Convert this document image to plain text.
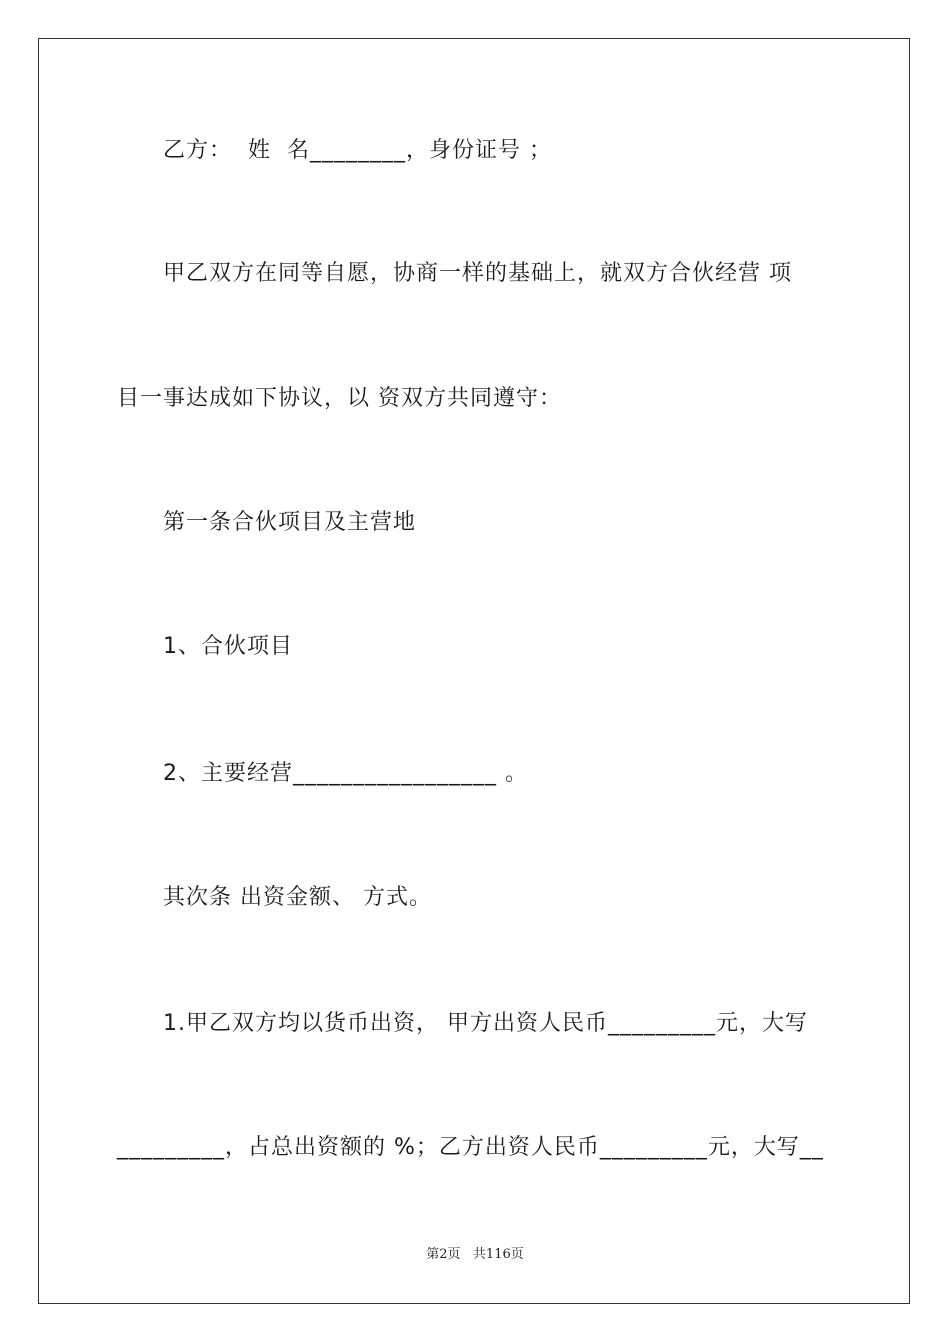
乙方：  姓  名________，身份证号 ；
甲乙双方在同等自愿，协商一样的基础上，就双方合伙经营 项
目一事达成如下协议，以 资双方共同遵守：
第一条合伙项目及主营地
1、合伙项目
2、主要经营_________________ 。
其次条 出资金额、 方式。
1.甲乙双方均以货币出资， 甲方出资人民币_________元，大写
_________，占总出资额的 %；乙方出资人民币_________元，大写__
第2页   共116页
